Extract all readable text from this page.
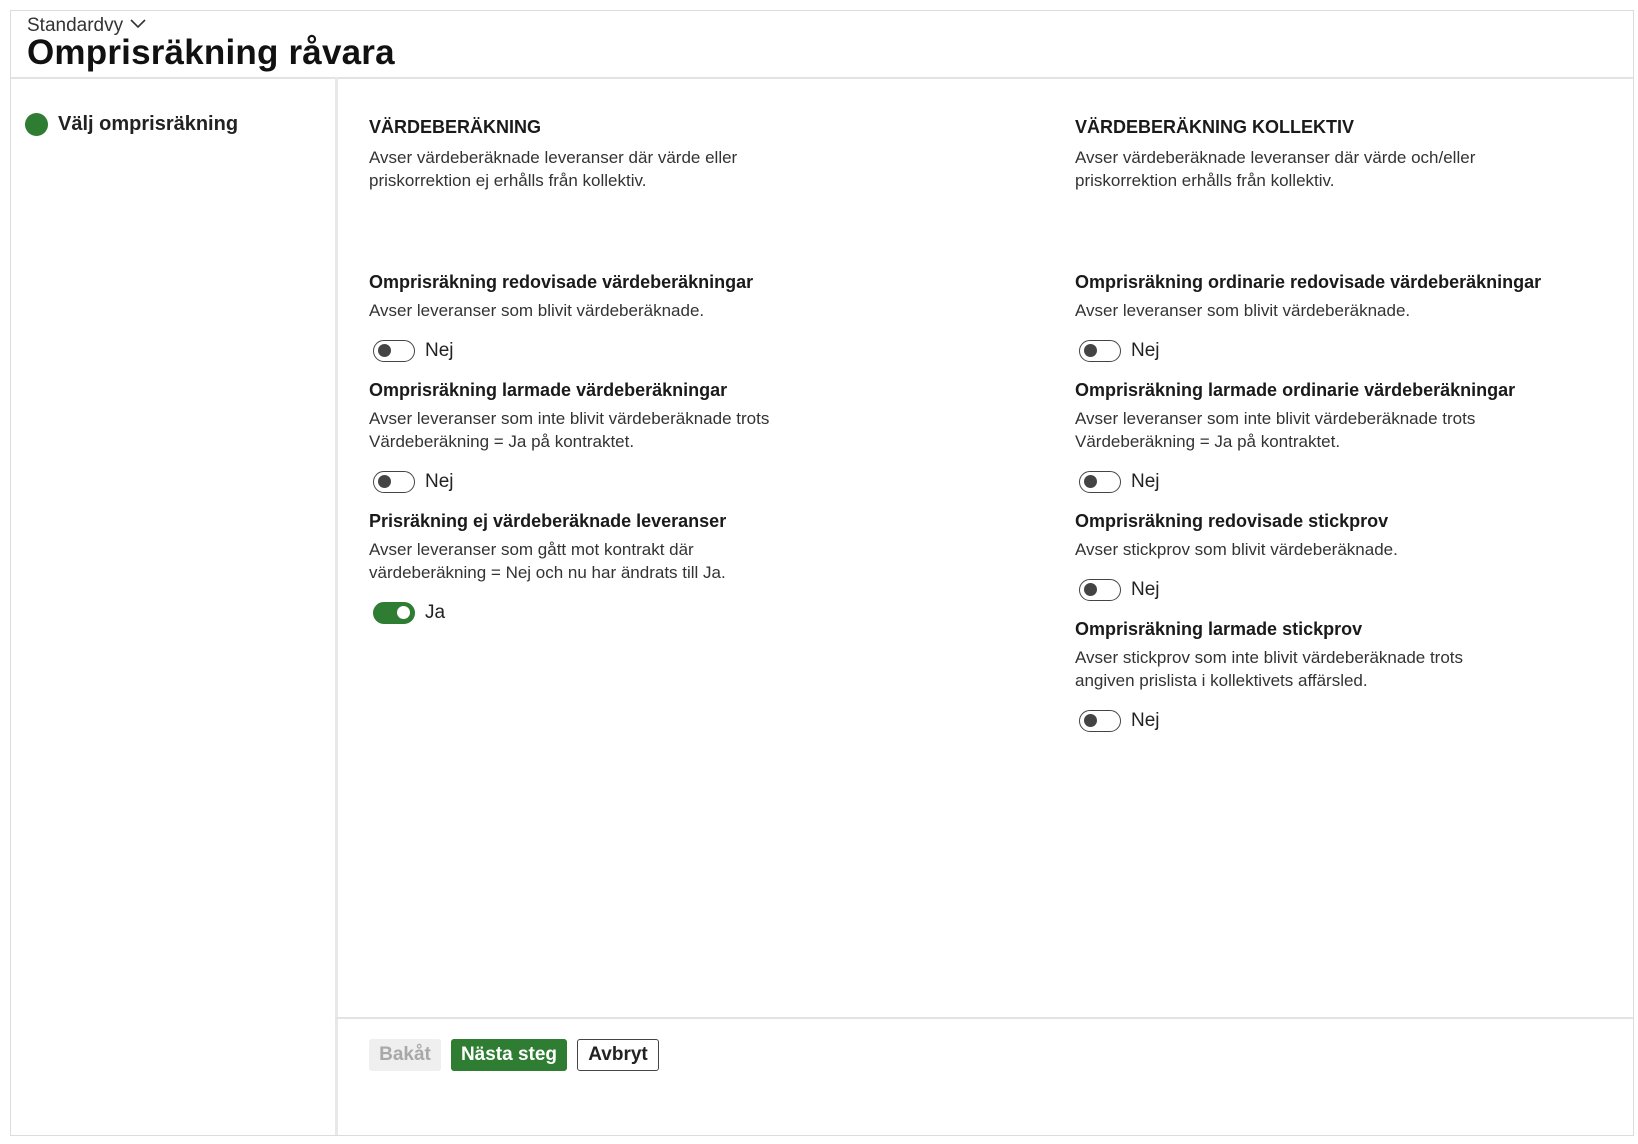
Standardvy
Omprisräkning råvara
Välj omprisräkning	VÄRDEBERÄKNING
Avser värdeberäknade leveranser där värde eller priskorrektion ej erhålls från kollektiv.
Omprisräkning redovisade värdeberäkningar
Avser leveranser som blivit värdeberäknade.
Nej
Omprisräkning larmade värdeberäkningar
Avser leveranser som inte blivit värdeberäknade trots Värdeberäkning = Ja på kontraktet.
Nej
Prisräkning ej värdeberäknade leveranser
Avser leveranser som gått mot kontrakt där värdeberäkning = Nej och nu har ändrats till Ja.
Ja
VÄRDEBERÄKNING KOLLEKTIV
Avser värdeberäknade leveranser där värde och/eller priskorrektion erhålls från kollektiv.
Omprisräkning ordinarie redovisade värdeberäkningar
Avser leveranser som blivit värdeberäknade.
Nej
Omprisräkning larmade ordinarie värdeberäkningar
Avser leveranser som inte blivit värdeberäknade trots Värdeberäkning = Ja på kontraktet.
Nej
Omprisräkning redovisade stickprov
Avser stickprov som blivit värdeberäknade.
Nej
Omprisräkning larmade stickprov
Avser stickprov som inte blivit värdeberäknade trots angiven prislista i kollektivets affärsled.
Nej
Bakåt	Nästa steg	Avbryt
